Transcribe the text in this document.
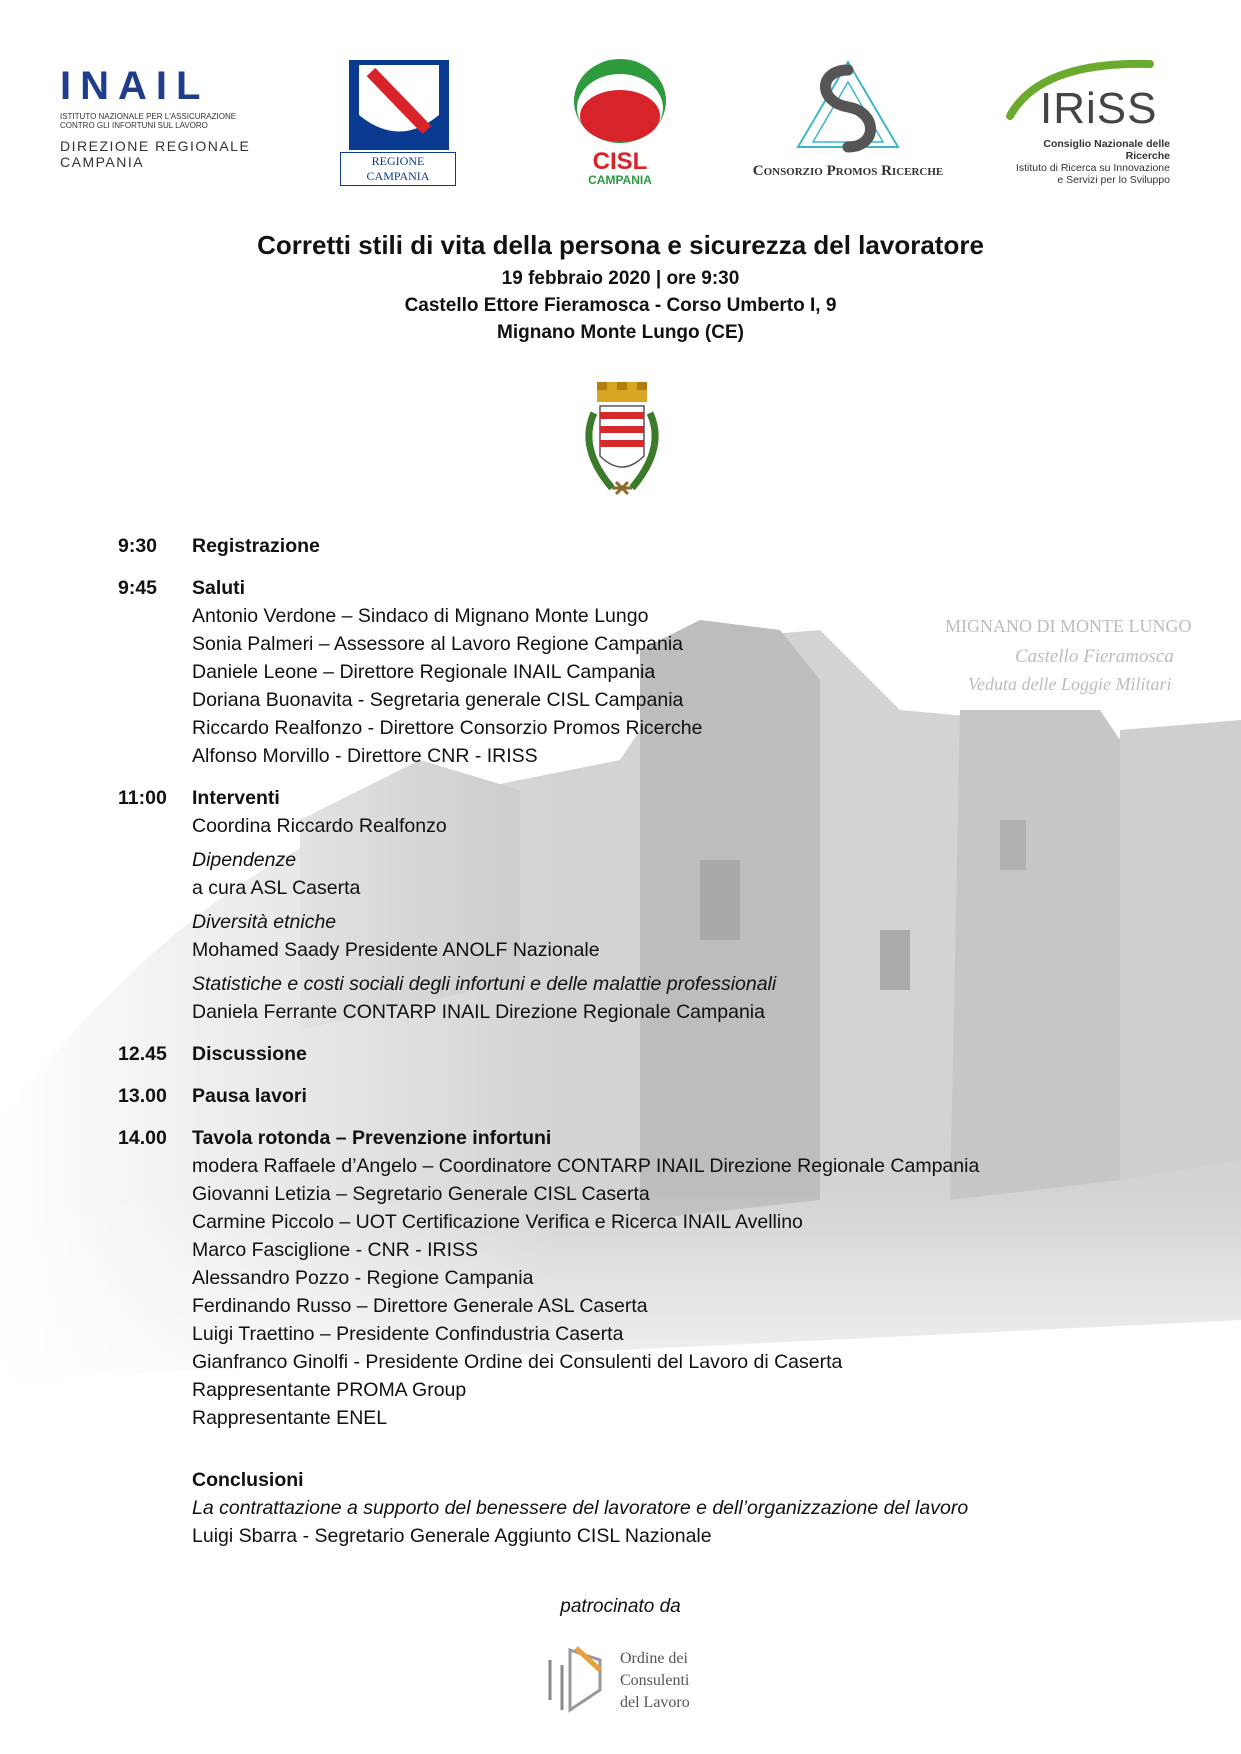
MIGNANO DI MONTE LUNGO
Castello Fieramosca
Veduta delle Loggie Militari
INAIL
ISTITUTO NAZIONALE PER L'ASSICURAZIONE
CONTRO GLI INFORTUNI SUL LAVORO
DIREZIONE REGIONALE
CAMPANIA	REGIONE CAMPANIA
CISL
CAMPANIA
Consorzio Promos Ricerche
IRiSS
Consiglio Nazionale delle Ricerche
Istituto di Ricerca su Innovazione
e Servizi per lo Sviluppo
Corretti stili di vita della persona e sicurezza del lavoratore
19 febbraio 2020 | ore 9:30
Castello Ettore Fieramosca - Corso Umberto I, 9
Mignano Monte Lungo (CE)
9:30	Registrazione
9:45	Saluti
Antonio Verdone – Sindaco di Mignano Monte Lungo
Sonia Palmeri – Assessore al Lavoro Regione Campania
Daniele Leone – Direttore Regionale INAIL Campania
Doriana Buonavita - Segretaria generale CISL Campania
Riccardo Realfonzo - Direttore Consorzio Promos Ricerche
Alfonso Morvillo - Direttore CNR - IRISS
11:00	Interventi
Coordina Riccardo Realfonzo
Dipendenze
a cura ASL Caserta
Diversità etniche
Mohamed Saady Presidente ANOLF Nazionale
Statistiche e costi sociali degli infortuni e delle malattie professionali
Daniela Ferrante CONTARP INAIL Direzione Regionale Campania
12.45	Discussione
13.00	Pausa lavori
14.00	Tavola rotonda – Prevenzione infortuni
modera Raffaele d’Angelo – Coordinatore CONTARP INAIL Direzione Regionale Campania
Giovanni Letizia – Segretario Generale CISL Caserta
Carmine Piccolo – UOT Certificazione Verifica e Ricerca INAIL Avellino
Marco Fasciglione - CNR - IRISS
Alessandro Pozzo - Regione Campania
Ferdinando Russo – Direttore Generale ASL Caserta
Luigi Traettino – Presidente Confindustria Caserta
Gianfranco Ginolfi - Presidente Ordine dei Consulenti del Lavoro di Caserta
Rappresentante PROMA Group
Rappresentante ENEL
Conclusioni
La contrattazione a supporto del benessere del lavoratore e dell’organizzazione del lavoro
Luigi Sbarra - Segretario Generale Aggiunto CISL Nazionale
patrocinato da
Ordine dei
Consulenti
del Lavoro
